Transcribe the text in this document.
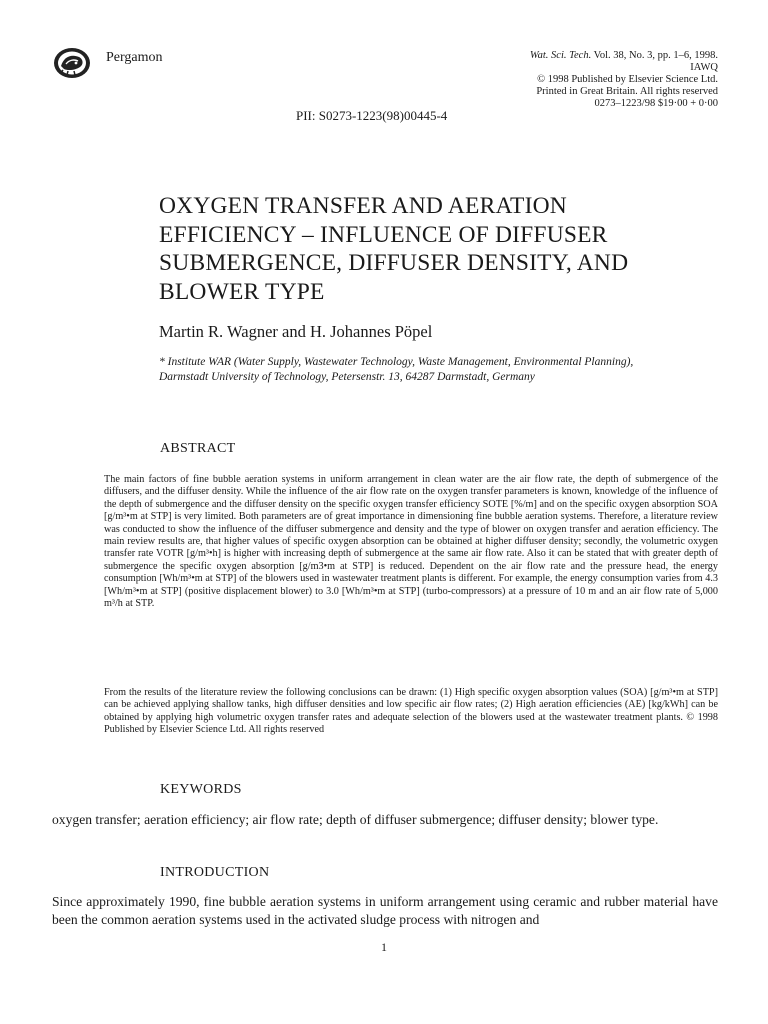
Pergamon	Wat. Sci. Tech. Vol. 38, No. 3, pp. 1–6, 1998.
IAWQ
© 1998 Published by Elsevier Science Ltd.
Printed in Great Britain. All rights reserved
0273–1223/98 $19·00 + 0·00
PII: S0273-1223(98)00445-4
OXYGEN TRANSFER AND AERATION EFFICIENCY – INFLUENCE OF DIFFUSER SUBMERGENCE, DIFFUSER DENSITY, AND BLOWER TYPE
Martin R. Wagner and H. Johannes Pöpel
* Institute WAR (Water Supply, Wastewater Technology, Waste Management, Environmental Planning), Darmstadt University of Technology, Petersenstr. 13, 64287 Darmstadt, Germany
ABSTRACT

The main factors of fine bubble aeration systems in uniform arrangement in clean water are the air flow rate, the depth of submergence of the diffusers, and the diffuser density. While the influence of the air flow rate on the oxygen transfer parameters is known, knowledge of the influence of the depth of submergence and the diffuser density on the specific oxygen transfer efficiency SOTE [%/m] and on the specific oxygen absorption SOA [g/m³•m at STP] is very limited. Both parameters are of great importance in dimensioning fine bubble aeration systems. Therefore, a literature review was conducted to show the influence of the diffuser submergence and density and the type of blower on oxygen transfer and aeration efficiency. The main review results are, that higher values of specific oxygen absorption can be obtained at higher diffuser density; secondly, the volumetric oxygen transfer rate VOTR [g/m³•h] is higher with increasing depth of submergence at the same air flow rate. Also it can be stated that with greater depth of submergence the specific oxygen absorption [g/m3•m at STP] is reduced. Dependent on the air flow rate and the pressure head, the energy consumption [Wh/m³•m at STP] of the blowers used in wastewater treatment plants is different. For example, the energy consumption varies from 4.3 [Wh/m³•m at STP] (positive displacement blower) to 3.0 [Wh/m³•m at STP] (turbo-compressors) at a pressure of 10 m and an air flow rate of 5,000 m³/h at STP.

From the results of the literature review the following conclusions can be drawn: (1) High specific oxygen absorption values (SOA) [g/m³•m at STP] can be achieved applying shallow tanks, high diffuser densities and low specific air flow rates; (2) High aeration efficiencies (AE) [kg/kWh] can be obtained by applying high volumetric oxygen transfer rates and adequate selection of the blowers used at the wastewater treatment plants. © 1998 Published by Elsevier Science Ltd. All rights reserved

KEYWORDS
oxygen transfer; aeration efficiency; air flow rate; depth of diffuser submergence; diffuser density; blower type.
INTRODUCTION
Since approximately 1990, fine bubble aeration systems in uniform arrangement using ceramic and rubber material have been the common aeration systems used in the activated sludge process with nitrogen and
1
